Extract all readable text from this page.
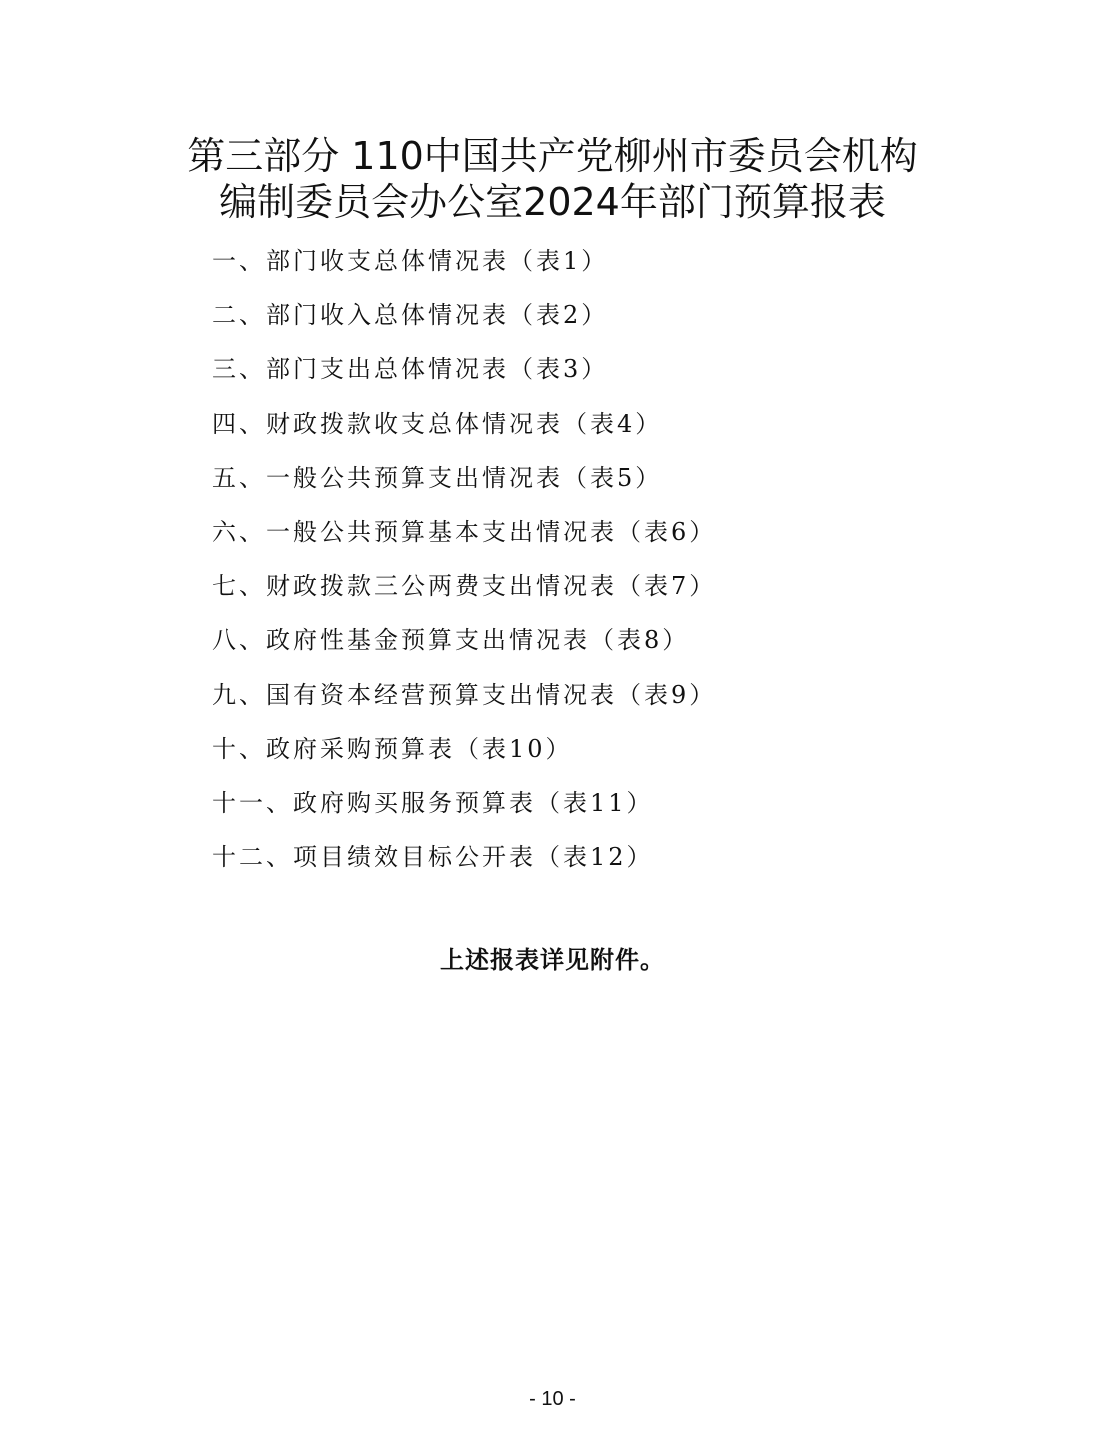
第三部分 110中国共产党柳州市委员会机构
编制委员会办公室2024年部门预算报表
一、部门收支总体情况表（表1）
二、部门收入总体情况表（表2）
三、部门支出总体情况表（表3）
四、财政拨款收支总体情况表（表4）
五、一般公共预算支出情况表（表5）
六、一般公共预算基本支出情况表（表6）
七、财政拨款三公两费支出情况表（表7）
八、政府性基金预算支出情况表（表8）
九、国有资本经营预算支出情况表（表9）
十、政府采购预算表（表10）
十一、政府购买服务预算表（表11）
十二、项目绩效目标公开表（表12）

上述报表详见附件。

- 10 -
